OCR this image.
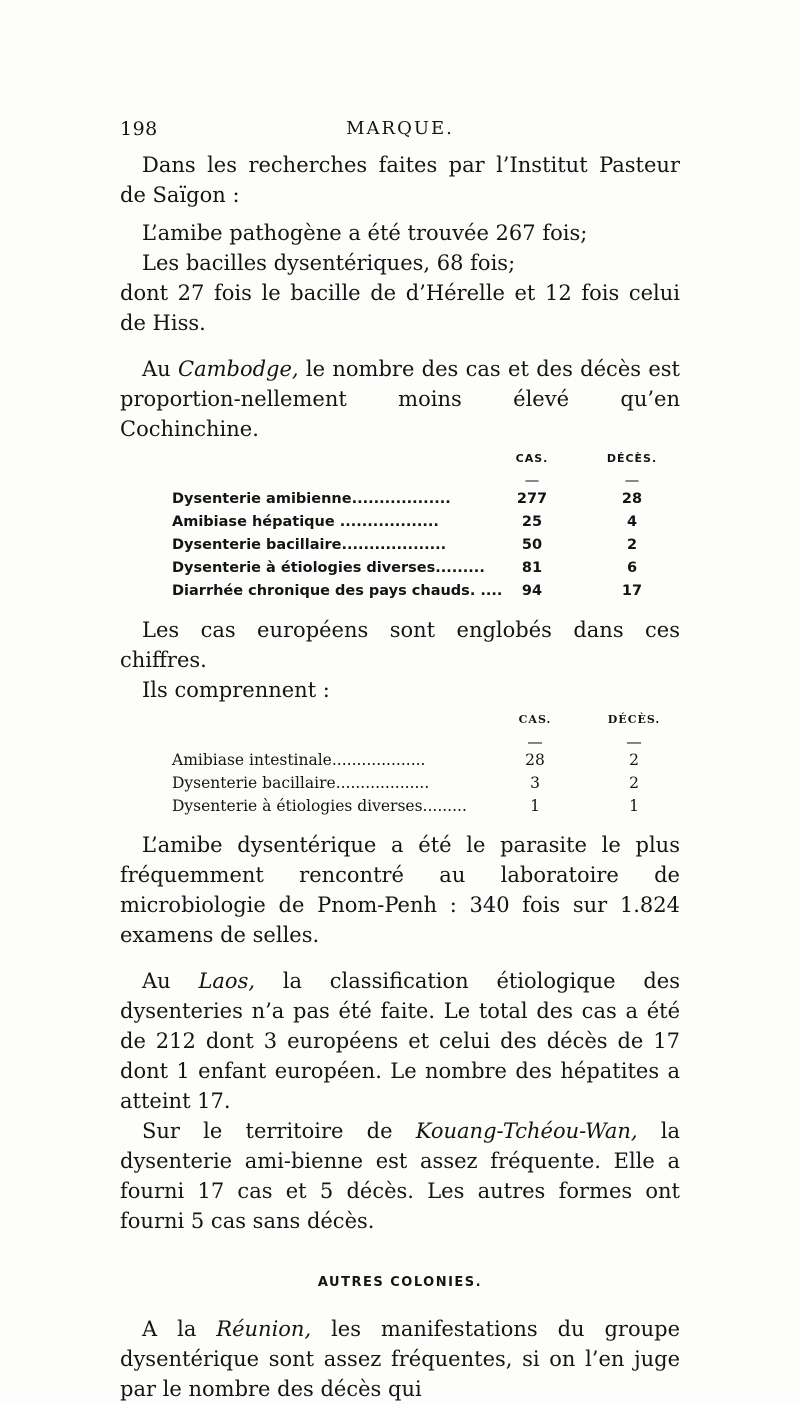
198	MARQUE.

Dans les recherches faites par l’Institut Pasteur de Saïgon :

L’amibe pathogène a été trouvée 267 fois;

Les bacilles dysentériques, 68 fois;

dont 27 fois le bacille de d’Hérelle et 12 fois celui de Hiss.

Au Cambodge, le nombre des cas et des décès est proportion-nellement moins élevé qu’en Cochinchine.

CAS.	DÉCÈS.
—	—
Dysenterie amibienne..................	277	28
Amibiase hépatique ..................	25	4
Dysenterie bacillaire...................	50	2
Dysenterie à étiologies diverses.........	81	6
Diarrhée chronique des pays chauds. ....	94	17

Les cas européens sont englobés dans ces chiffres.

Ils comprennent :

CAS.	DÉCÈS.
—	—
Amibiase intestinale...................	28	2
Dysenterie bacillaire...................	3	2
Dysenterie à étiologies diverses.........	1	1

L’amibe dysentérique a été le parasite le plus fréquemment rencontré au laboratoire de microbiologie de Pnom-Penh : 340 fois sur 1.824 examens de selles.

Au Laos, la classification étiologique des dysenteries n’a pas été faite. Le total des cas a été de 212 dont 3 européens et celui des décès de 17 dont 1 enfant européen. Le nombre des hépatites a atteint 17.

Sur le territoire de Kouang-Tchéou-Wan, la dysenterie ami-bienne est assez fréquente. Elle a fourni 17 cas et 5 décès. Les autres formes ont fourni 5 cas sans décès.

AUTRES COLONIES.

A la Réunion, les manifestations du groupe dysentérique sont assez fréquentes, si on l’en juge par le nombre des décès qui
